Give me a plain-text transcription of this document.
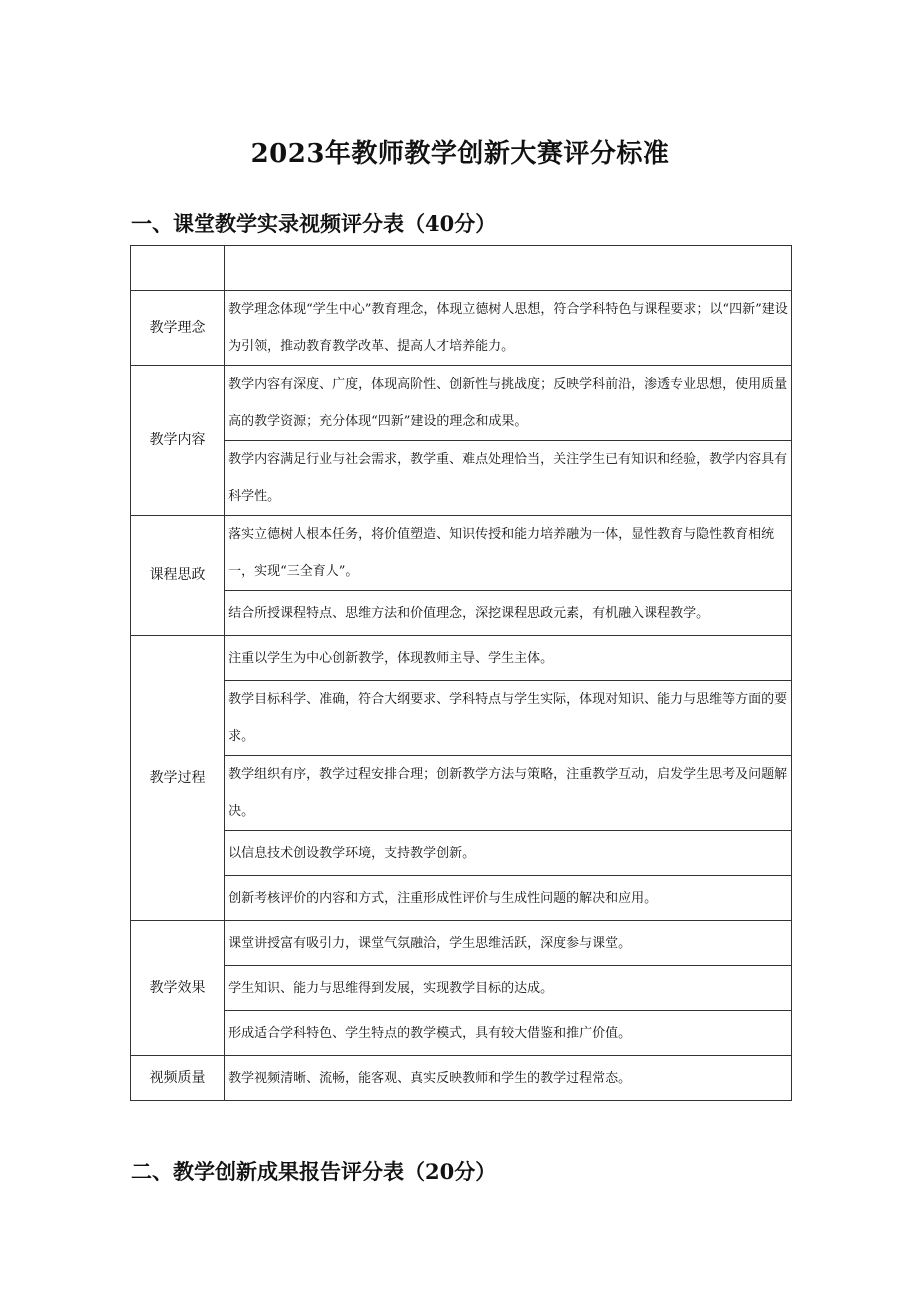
2023年教师教学创新大赛评分标准
一、课堂教学实录视频评分表（40分）

教学理念	教学理念体现“学生中心”教育理念，体现立德树人思想，符合学科特色与课程要求；以“四新”建设为引领，推动教育教学改革、提高人才培养能力。
教学内容	教学内容有深度、广度，体现高阶性、创新性与挑战度；反映学科前沿，渗透专业思想，使用质量高的教学资源；充分体现“四新”建设的理念和成果。
	教学内容满足行业与社会需求，教学重、难点处理恰当，关注学生已有知识和经验，教学内容具有科学性。
课程思政	落实立德树人根本任务，将价值塑造、知识传授和能力培养融为一体，显性教育与隐性教育相统一，实现“三全育人”。
	结合所授课程特点、思维方法和价值理念，深挖课程思政元素，有机融入课程教学。
教学过程	注重以学生为中心创新教学，体现教师主导、学生主体。
	教学目标科学、准确，符合大纲要求、学科特点与学生实际，体现对知识、能力与思维等方面的要求。
	教学组织有序，教学过程安排合理；创新教学方法与策略，注重教学互动，启发学生思考及问题解决。
	以信息技术创设教学环境，支持教学创新。
	创新考核评价的内容和方式，注重形成性评价与生成性问题的解决和应用。
教学效果	课堂讲授富有吸引力，课堂气氛融洽，学生思维活跃，深度参与课堂。
	学生知识、能力与思维得到发展，实现教学目标的达成。
	形成适合学科特色、学生特点的教学模式，具有较大借鉴和推广价值。
视频质量	教学视频清晰、流畅，能客观、真实反映教师和学生的教学过程常态。
二、教学创新成果报告评分表（20分）
